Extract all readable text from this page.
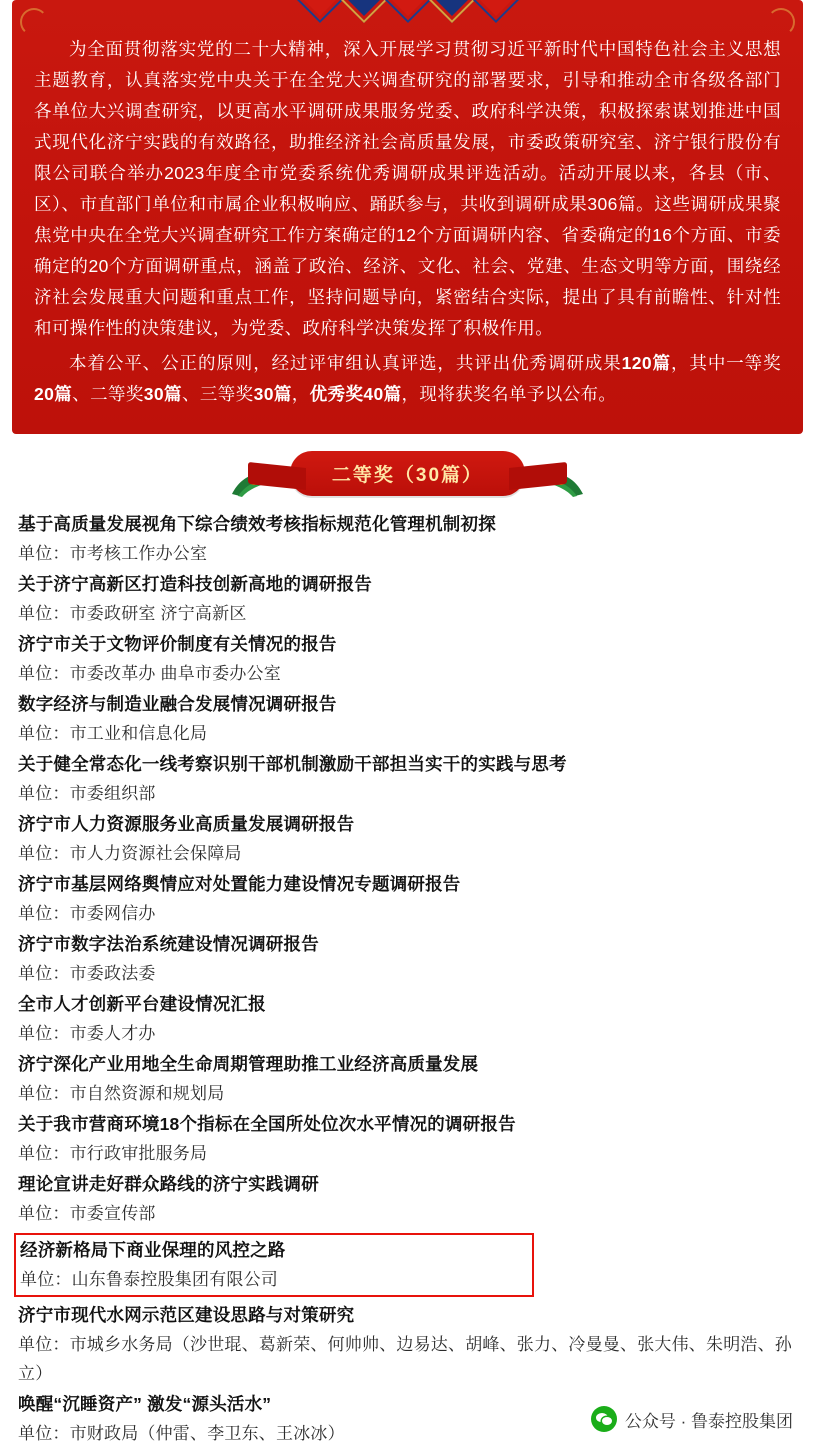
为全面贯彻落实党的二十大精神，深入开展学习贯彻习近平新时代中国特色社会主义思想主题教育，认真落实党中央关于在全党大兴调查研究的部署要求，引导和推动全市各级各部门各单位大兴调查研究，以更高水平调研成果服务党委、政府科学决策，积极探索谋划推进中国式现代化济宁实践的有效路径，助推经济社会高质量发展，市委政策研究室、济宁银行股份有限公司联合举办2023年度全市党委系统优秀调研成果评选活动。活动开展以来，各县（市、区）、市直部门单位和市属企业积极响应、踊跃参与，共收到调研成果306篇。这些调研成果聚焦党中央在全党大兴调查研究工作方案确定的12个方面调研内容、省委确定的16个方面、市委确定的20个方面调研重点，涵盖了政治、经济、文化、社会、党建、生态文明等方面，围绕经济社会发展重大问题和重点工作，坚持问题导向，紧密结合实际，提出了具有前瞻性、针对性和可操作性的决策建议，为党委、政府科学决策发挥了积极作用。

本着公平、公正的原则，经过评审组认真评选，共评出优秀调研成果120篇，其中一等奖20篇、二等奖30篇、三等奖30篇，优秀奖40篇，现将获奖名单予以公布。

二等奖（30篇）
基于高质量发展视角下综合绩效考核指标规范化管理机制初探
单位：市考核工作办公室
关于济宁高新区打造科技创新高地的调研报告
单位：市委政研室 济宁高新区
济宁市关于文物评价制度有关情况的报告
单位：市委改革办 曲阜市委办公室
数字经济与制造业融合发展情况调研报告
单位：市工业和信息化局
关于健全常态化一线考察识别干部机制激励干部担当实干的实践与思考
单位：市委组织部
济宁市人力资源服务业高质量发展调研报告
单位：市人力资源社会保障局
济宁市基层网络舆情应对处置能力建设情况专题调研报告
单位：市委网信办
济宁市数字法治系统建设情况调研报告
单位：市委政法委
全市人才创新平台建设情况汇报
单位：市委人才办
济宁深化产业用地全生命周期管理助推工业经济高质量发展
单位：市自然资源和规划局
关于我市营商环境18个指标在全国所处位次水平情况的调研报告
单位：市行政审批服务局
理论宣讲走好群众路线的济宁实践调研
单位：市委宣传部
经济新格局下商业保理的风控之路
单位：山东鲁泰控股集团有限公司
济宁市现代水网示范区建设思路与对策研究
单位：市城乡水务局（沙世琨、葛新荣、何帅帅、边易达、胡峰、张力、冷曼曼、张大伟、朱明浩、孙立）
唤醒“沉睡资产” 激发“源头活水”
单位：市财政局（仲雷、李卫东、王冰冰）
公众号 · 鲁泰控股集团
